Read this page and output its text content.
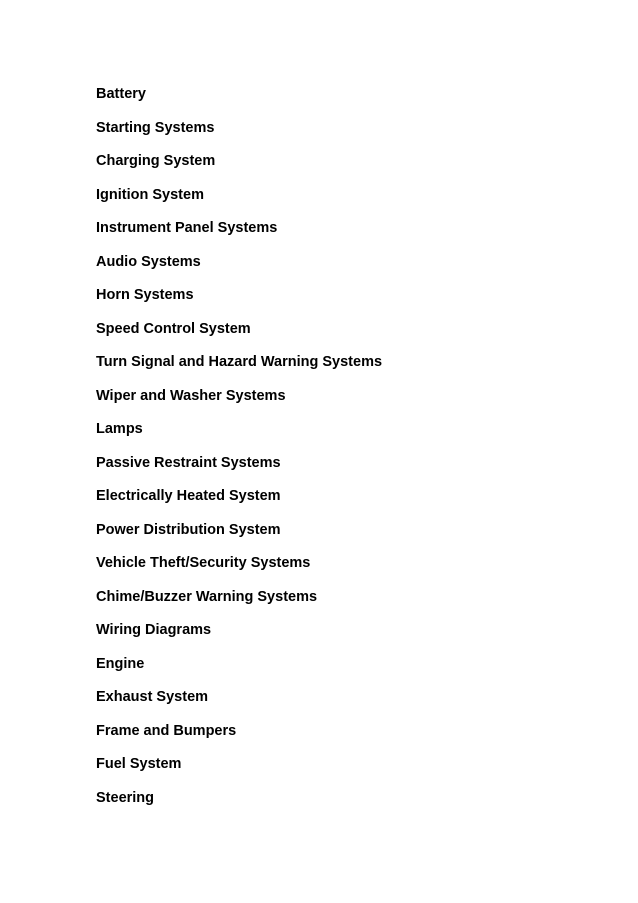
Battery
Starting Systems
Charging System
Ignition System
Instrument Panel Systems
Audio Systems
Horn Systems
Speed Control System
Turn Signal and Hazard Warning Systems
Wiper and Washer Systems
Lamps
Passive Restraint Systems
Electrically Heated System
Power Distribution System
Vehicle Theft/Security Systems
Chime/Buzzer Warning Systems
Wiring Diagrams
Engine
Exhaust System
Frame and Bumpers
Fuel System
Steering
